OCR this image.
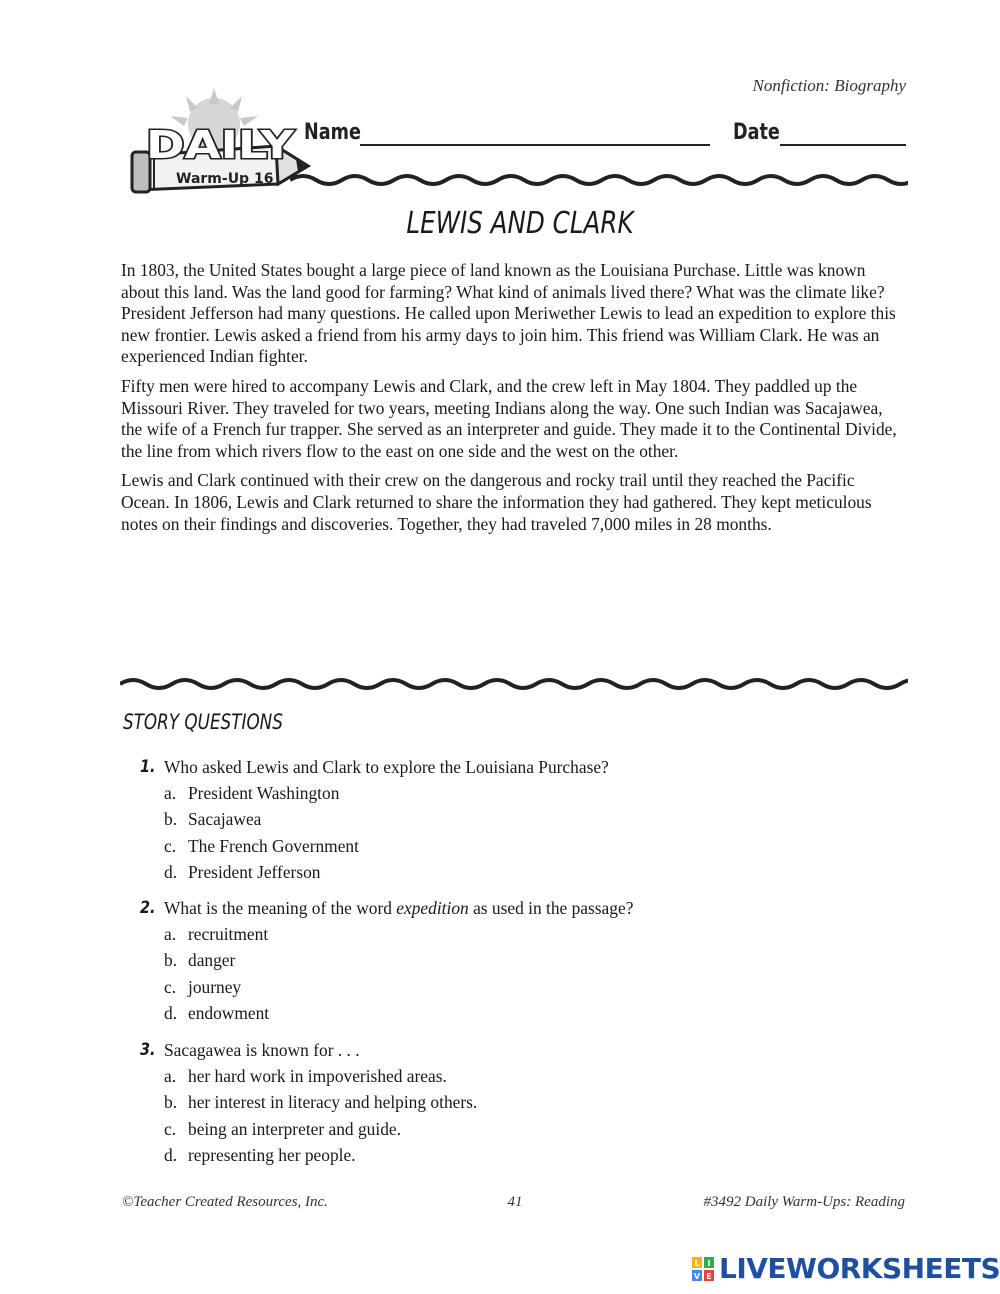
Nonfiction: Biography
DAILY
Warm-Up 16
Name	Date
LEWIS AND CLARK

In 1803, the United States bought a large piece of land known as the Louisiana Purchase. Little was known about this land. Was the land good for farming? What kind of animals lived there? What was the climate like? President Jefferson had many questions. He called upon Meriwether Lewis to lead an expedition to explore this new frontier. Lewis asked a friend from his army days to join him. This friend was William Clark. He was an experienced Indian fighter.

Fifty men were hired to accompany Lewis and Clark, and the crew left in May 1804. They paddled up the Missouri River. They traveled for two years, meeting Indians along the way. One such Indian was Sacajawea, the wife of a French fur trapper. She served as an interpreter and guide. They made it to the Continental Divide, the line from which rivers flow to the east on one side and the west on the other.

Lewis and Clark continued with their crew on the dangerous and rocky trail until they reached the Pacific Ocean. In 1806, Lewis and Clark returned to share the information they had gathered. They kept meticulous notes on their findings and discoveries. Together, they had traveled 7,000 miles in 28 months.

STORY QUESTIONS
1. Who asked Lewis and Clark to explore the Louisiana Purchase?
a. President Washington
b. Sacajawea
c. The French Government
d. President Jefferson
2. What is the meaning of the word expedition as used in the passage?
a. recruitment
b. danger
c. journey
d. endowment
3. Sacagawea is known for . . .
a. her hard work in impoverished areas.
b. her interest in literacy and helping others.
c. being an interpreter and guide.
d. representing her people.
©Teacher Created Resources, Inc.	41	#3492 Daily Warm-Ups: Reading
L I
V E LIVEWORKSHEETS
